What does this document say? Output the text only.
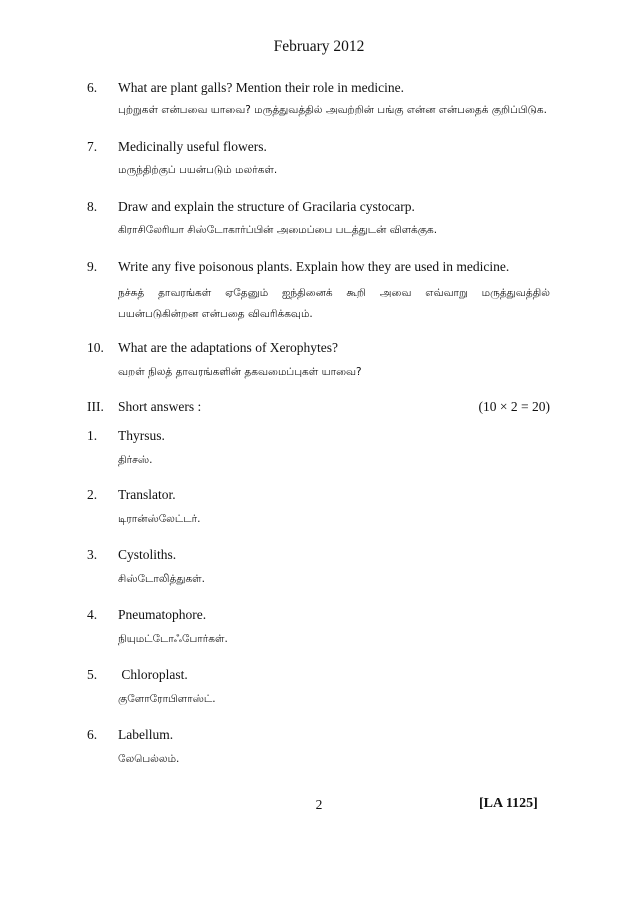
February 2012
6. What are plant galls? Mention their role in medicine.
புற்றுகள் என்பவை யாவை? மருத்துவத்தில் அவற்றின் பங்கு என்ன என்பதைக் குறிப்பிடுக.
7. Medicinally useful flowers.
மருந்திற்குப் பயன்படும் மலர்கள்.
8. Draw and explain the structure of Gracilaria cystocarp.
கிராசிலேரியா சிஸ்டோகார்ப்பின் அமைப்பை படத்துடன் விளக்குக.
9. Write any five poisonous plants. Explain how they are used in medicine.
நச்சுத் தாவரங்கள் ஏதேனும் ஐந்தினைக் கூறி அவை எவ்வாறு மருத்துவத்தில்
பயன்படுகின்றன என்பதை விவரிக்கவும்.
10. What are the adaptations of Xerophytes?
வறள் நிலத் தாவரங்களின் தகவமைப்புகள் யாவை?
III. Short answers :	(10 × 2 = 20)
1. Thyrsus.
திர்சஸ்.
2. Translator.
டிரான்ஸ்லேட்டர்.
3. Cystoliths.
சிஸ்டோலித்துகள்.
4. Pneumatophore.
நியுமட்டோஃபோர்கள்.
5. Chloroplast.
குளோரோபிளாஸ்ட்.
6. Labellum.
லேபெல்லம்.
2	[LA 1125]
